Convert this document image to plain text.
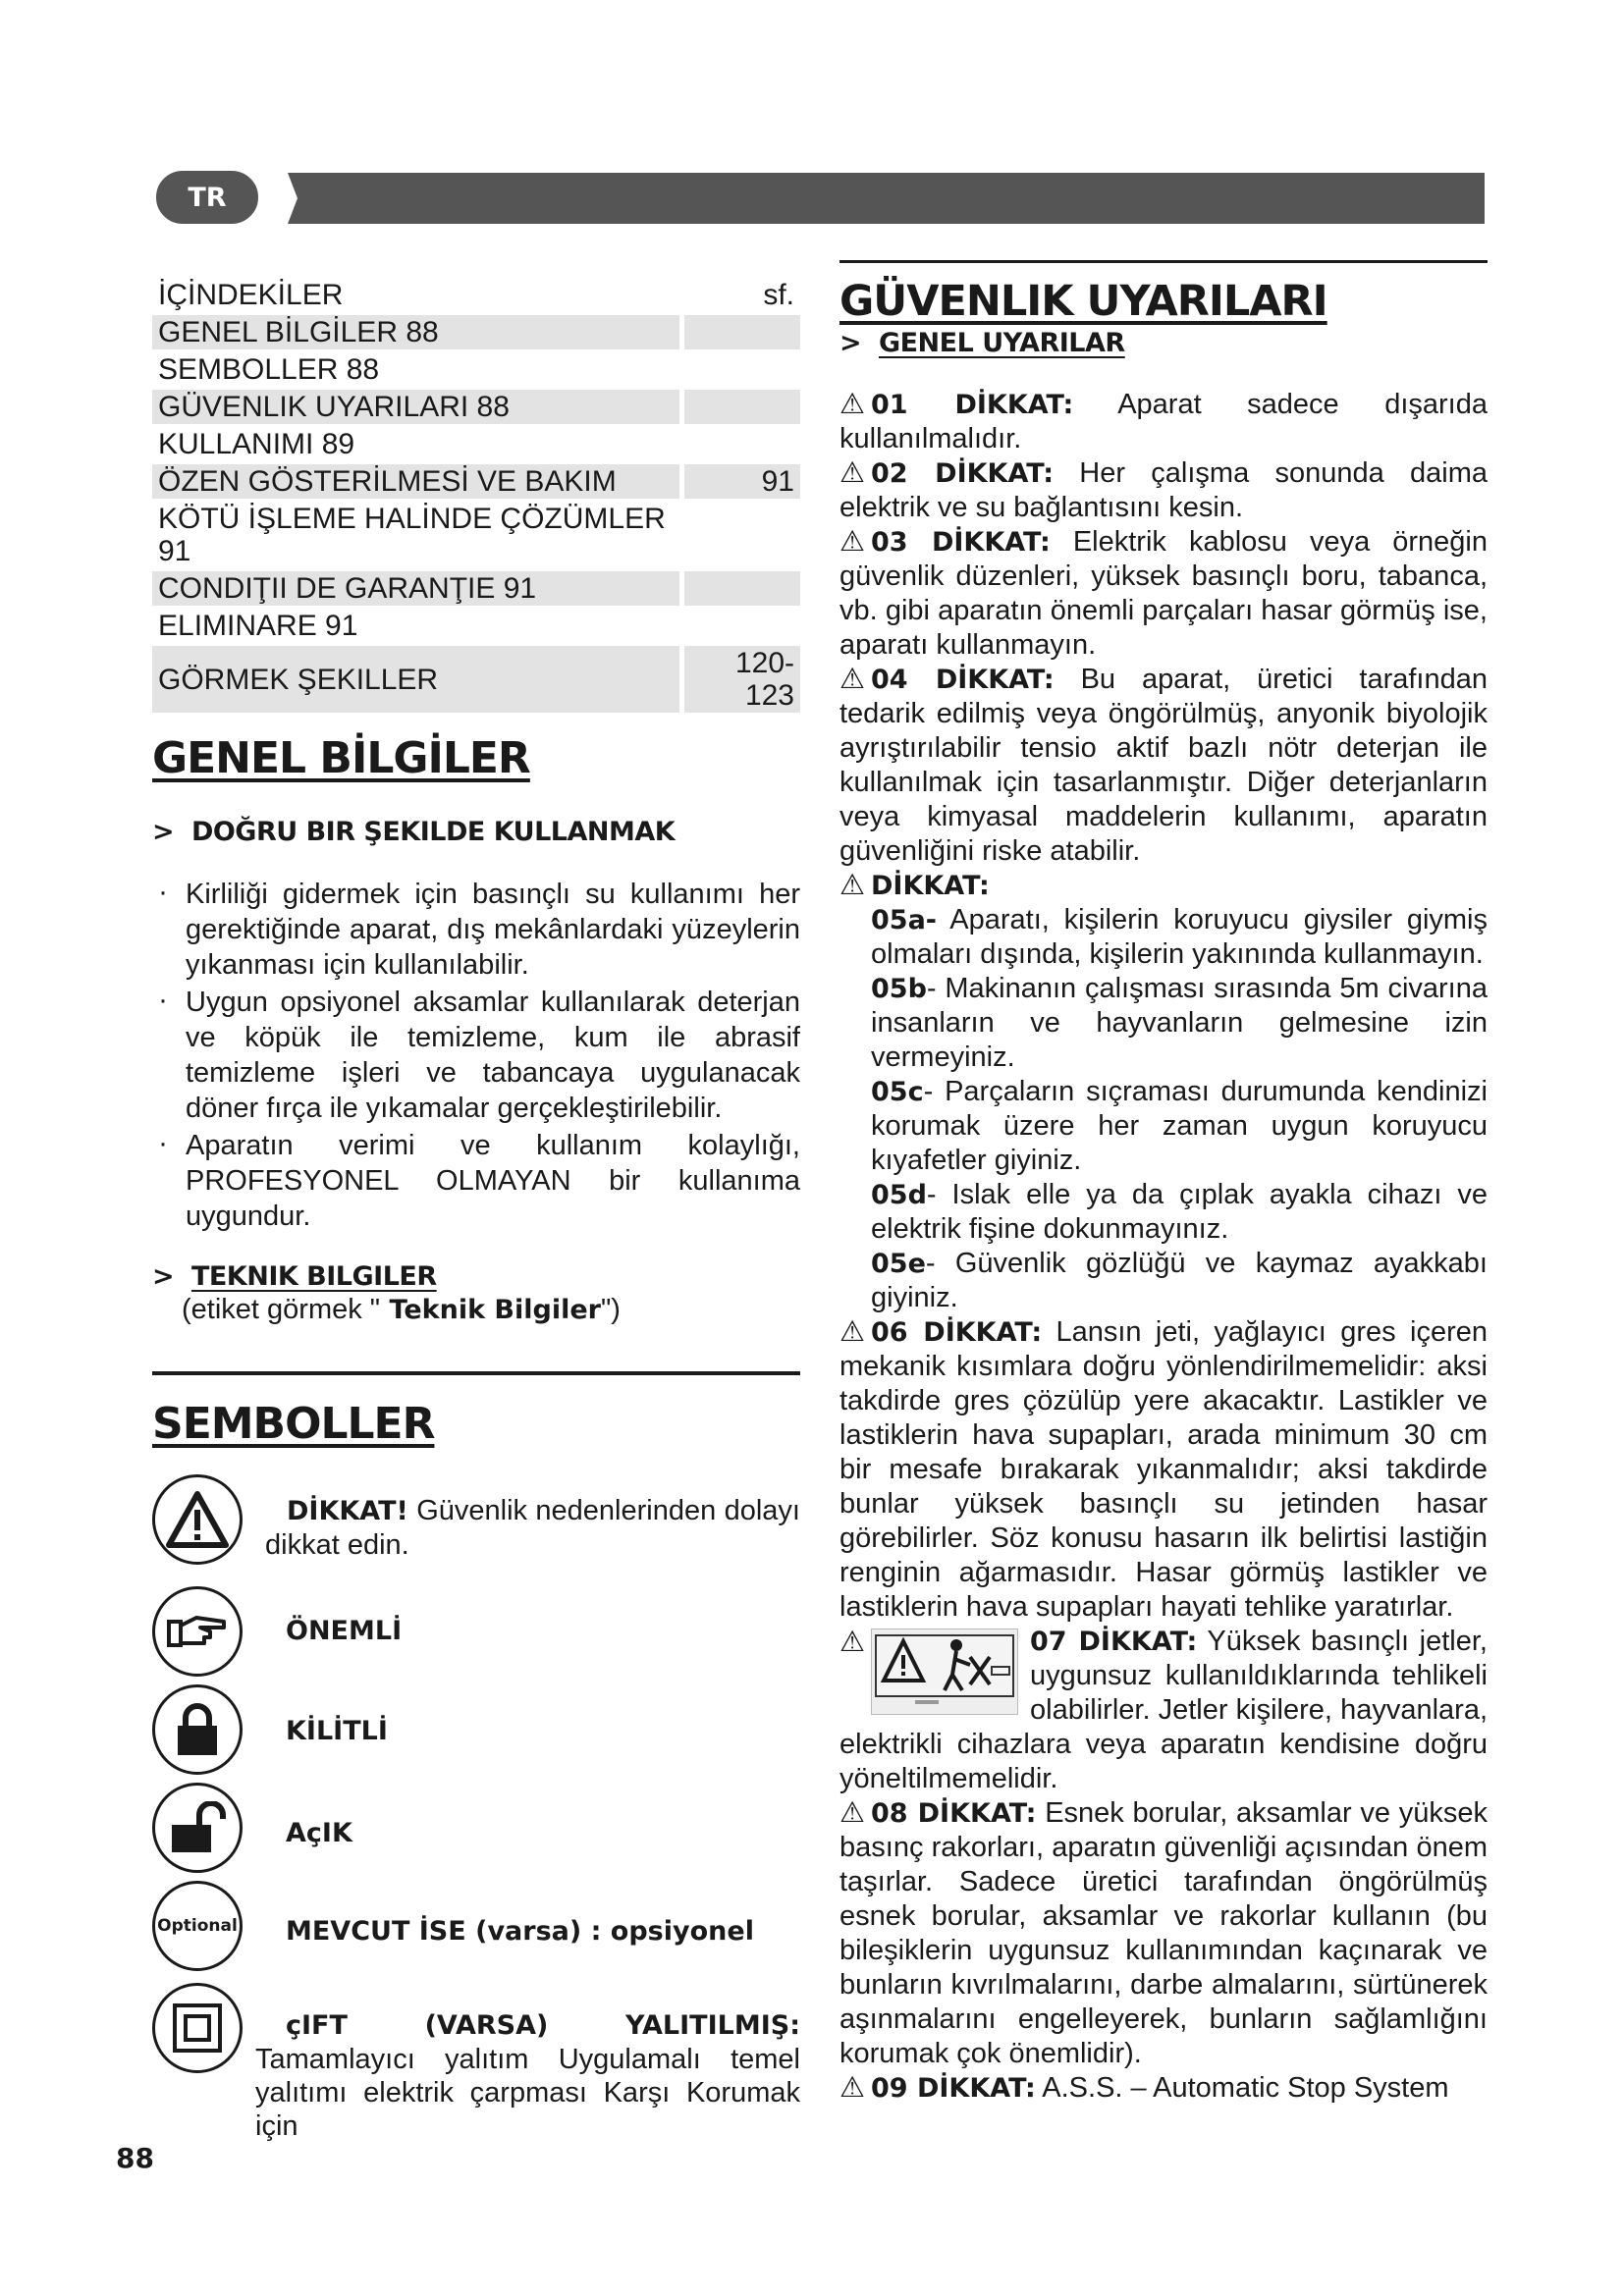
TR
İÇİNDEKİLER	sf.
GENEL BİLGİLER 88	
SEMBOLLER 88	
GÜVENLIK UYARILARI 88	
KULLANIMI 89	
ÖZEN GÖSTERİLMESİ VE BAKIM	91
KÖTÜ İŞLEME HALİNDE ÇÖZÜMLER 91	
CONDIŢII DE GARANŢIE 91	
ELIMINARE 91	
GÖRMEK ŞEKILLER	120-123
GENEL BİLGİLER
>  DOĞRU BIR ŞEKILDE KULLANMAK
· Kirliliği gidermek için basınçlı su kullanımı her gerektiğinde aparat, dış mekânlardaki yüzeylerin yıkanması için kullanılabilir.
· Uygun opsiyonel aksamlar kullanılarak deterjan ve köpük ile temizleme, kum ile abrasif temizleme işleri ve tabancaya uygulanacak döner fırça ile yıkamalar gerçekleştirilebilir.
· Aparatın verimi ve kullanım kolaylığı, PROFESYONEL OLMAYAN bir kullanıma uygundur.
>  TEKNIK BILGILER

(etiket görmek " Teknik Bilgiler")

SEMBOLLER
DİKKAT! Güvenlik nedenlerinden dolayı dikkat edin.
ÖNEMLİ
KİLİTLİ
AçIK
Optional MEVCUT İSE (varsa) : opsiyonel
çIFT (VARSA) YALITILMIŞ: Tamamlayıcı yalıtım Uygulamalı temel yalıtımı elektrik çarpması Karşı Korumak için
GÜVENLIK UYARILARI
>  GENEL UYARILAR

⚠ 01 DİKKAT: Aparat sadece dışarıda kullanılmalıdır.

⚠ 02 DİKKAT: Her çalışma sonunda daima elektrik ve su bağlantısını kesin.

⚠ 03 DİKKAT: Elektrik kablosu veya örneğin güvenlik düzenleri, yüksek basınçlı boru, tabanca, vb. gibi aparatın önemli parçaları hasar görmüş ise, aparatı kullanmayın.

⚠ 04 DİKKAT: Bu aparat, üretici tarafından tedarik edilmiş veya öngörülmüş, anyonik biyolojik ayrıştırılabilir tensio aktif bazlı nötr deterjan ile kullanılmak için tasarlanmıştır. Diğer deterjanların veya kimyasal maddelerin kullanımı, aparatın güvenliğini riske atabilir.

⚠ DİKKAT:

05a- Aparatı, kişilerin koruyucu giysiler giymiş olmaları dışında, kişilerin yakınında kullanmayın.

05b- Makinanın çalışması sırasında 5m civarına insanların ve hayvanların gelmesine izin vermeyiniz.

05c- Parçaların sıçraması durumunda kendinizi korumak üzere her zaman uygun koruyucu kıyafetler giyiniz.

05d- Islak elle ya da çıplak ayakla cihazı ve elektrik fişine dokunmayınız.

05e- Güvenlik gözlüğü ve kaymaz ayakkabı giyiniz.

⚠ 06 DİKKAT: Lansın jeti, yağlayıcı gres içeren mekanik kısımlara doğru yönlendirilmemelidir: aksi takdirde gres çözülüp yere akacaktır. Lastikler ve lastiklerin hava supapları, arada minimum 30 cm bir mesafe bırakarak yıkanmalıdır; aksi takdirde bunlar yüksek basınçlı su jetinden hasar görebilirler. Söz konusu hasarın ilk belirtisi lastiğin renginin ağarmasıdır. Hasar görmüş lastikler ve lastiklerin hava supapları hayati tehlike yaratırlar.

⚠	07 DİKKAT: Yüksek basınçlı jetler, uygunsuz kullanıldıklarında tehlikeli olabilirler. Jetler kişilere, hayvanlara, elektrikli cihazlara veya aparatın kendisine doğru yöneltilmemelidir.

⚠ 08 DİKKAT: Esnek borular, aksamlar ve yüksek basınç rakorları, aparatın güvenliği açısından önem taşırlar. Sadece üretici tarafından öngörülmüş esnek borular, aksamlar ve rakorlar kullanın (bu bileşiklerin uygunsuz kullanımından kaçınarak ve bunların kıvrılmalarını, darbe almalarını, sürtünerek aşınmalarını engelleyerek, bunların sağlamlığını korumak çok önemlidir).

⚠ 09 DİKKAT: A.S.S. – Automatic Stop System

88
